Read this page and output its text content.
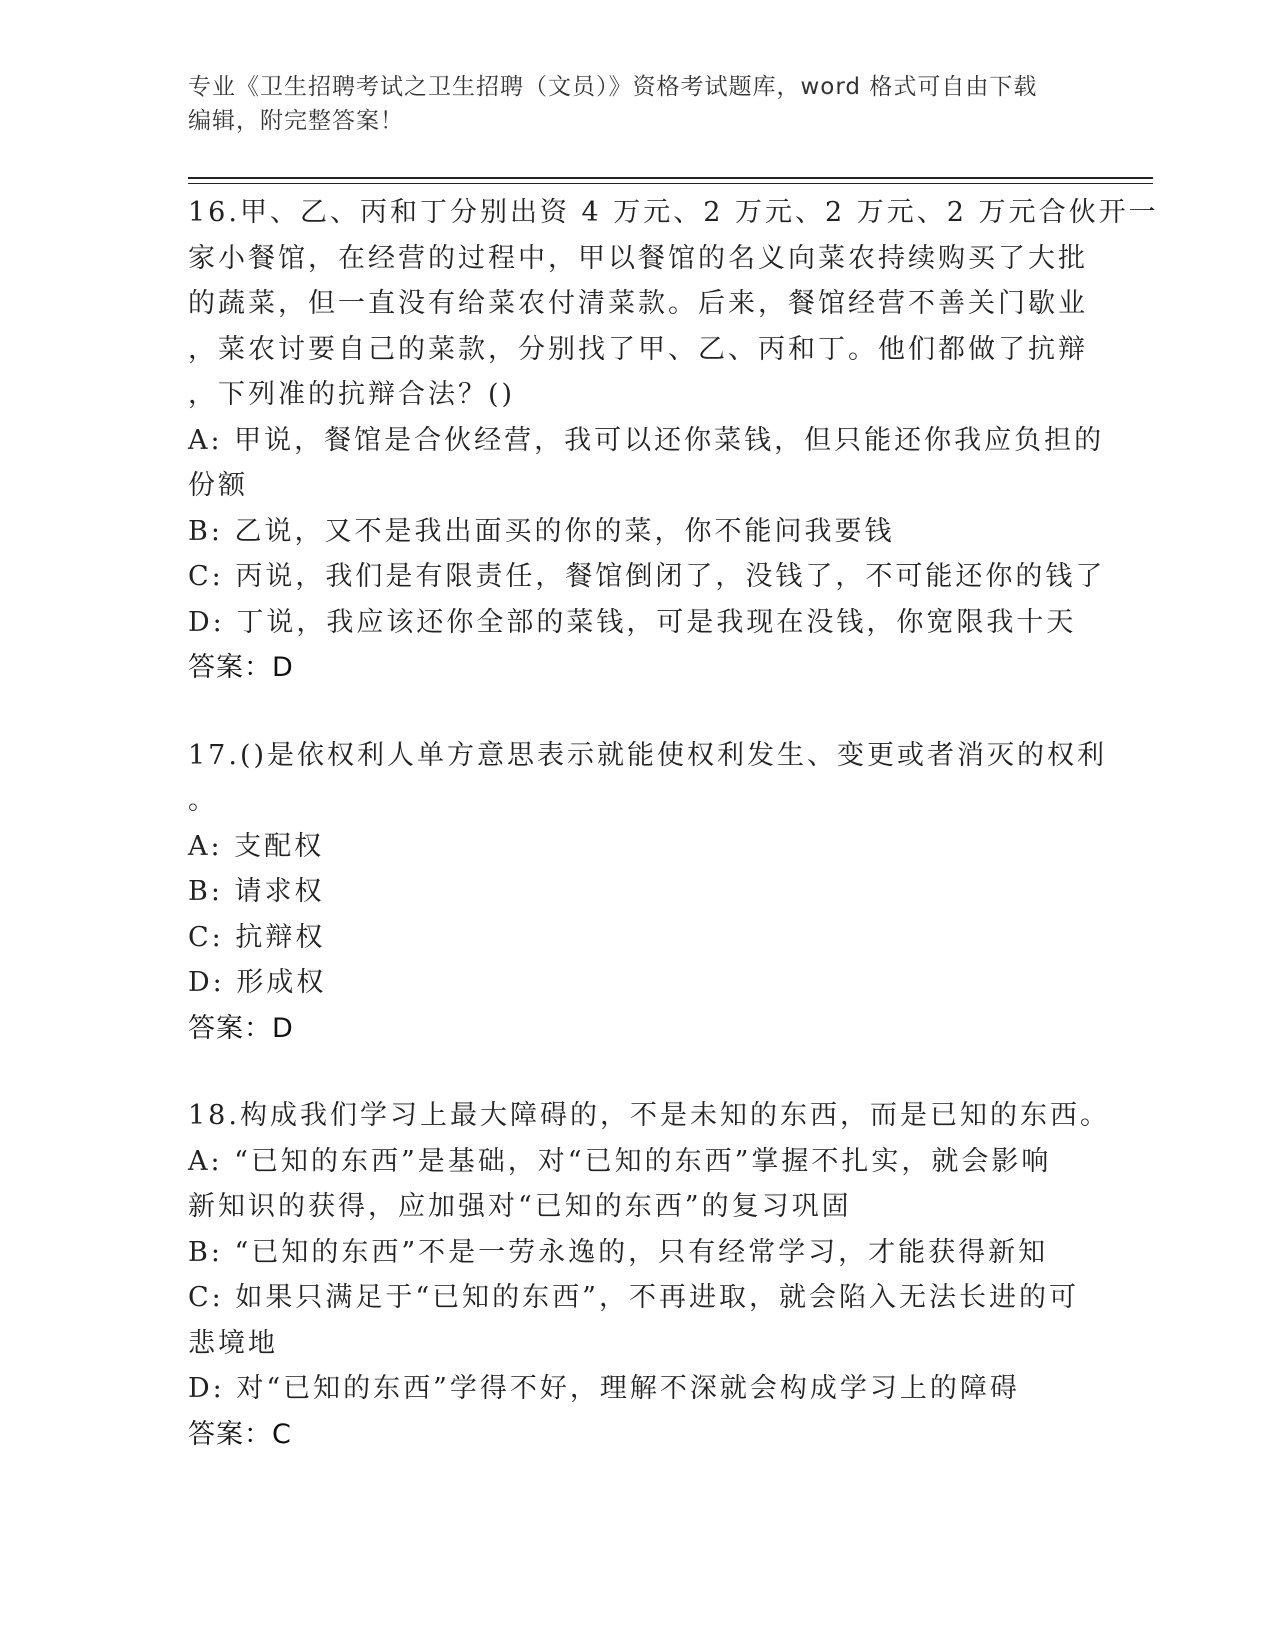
专业《卫生招聘考试之卫生招聘（文员）》资格考试题库，word 格式可自由下载
编辑，附完整答案！

16.甲、乙、丙和丁分别出资 4 万元、2 万元、2 万元、2 万元合伙开一

家小餐馆，在经营的过程中，甲以餐馆的名义向菜农持续购买了大批

的蔬菜，但一直没有给菜农付清菜款。后来，餐馆经营不善关门歇业

，菜农讨要自己的菜款，分别找了甲、乙、丙和丁。他们都做了抗辩

，下列准的抗辩合法？()

A: 甲说，餐馆是合伙经营，我可以还你菜钱，但只能还你我应负担的

份额

B: 乙说，又不是我出面买的你的菜，你不能问我要钱

C: 丙说，我们是有限责任，餐馆倒闭了，没钱了，不可能还你的钱了

D: 丁说，我应该还你全部的菜钱，可是我现在没钱，你宽限我十天

答案：D

17.()是依权利人单方意思表示就能使权利发生、变更或者消灭的权利

。

A: 支配权

B: 请求权

C: 抗辩权

D: 形成权

答案：D

18.构成我们学习上最大障碍的，不是未知的东西，而是已知的东西。

A: “已知的东西”是基础，对“已知的东西”掌握不扎实，就会影响

新知识的获得，应加强对“已知的东西”的复习巩固

B: “已知的东西”不是一劳永逸的，只有经常学习，才能获得新知

C: 如果只满足于“已知的东西”，不再进取，就会陷入无法长进的可

悲境地

D: 对“已知的东西”学得不好，理解不深就会构成学习上的障碍

答案：C
